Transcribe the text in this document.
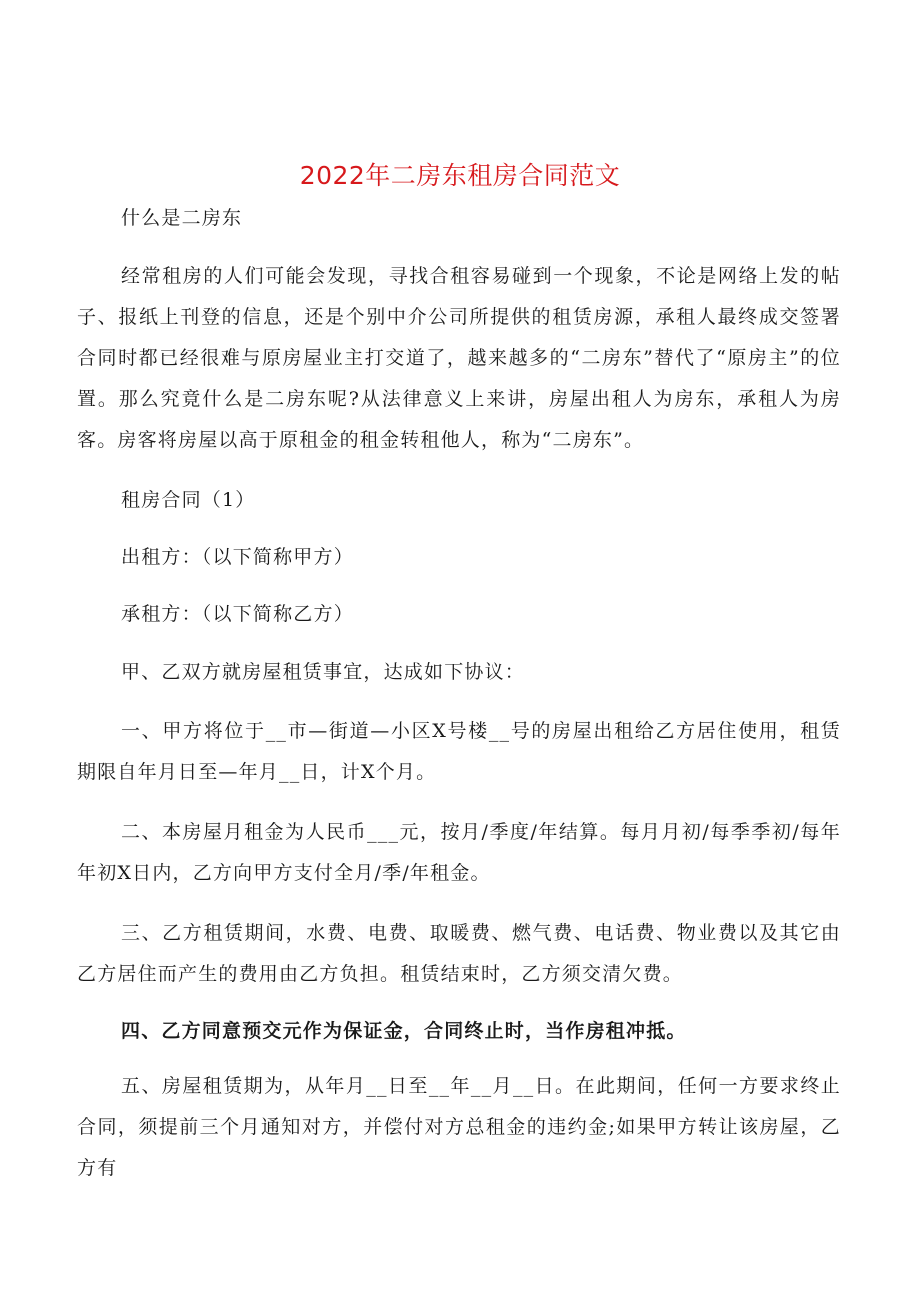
2022年二房东租房合同范文
什么是二房东
经常租房的人们可能会发现，寻找合租容易碰到一个现象，不论是网络上发的帖子、报纸上刊登的信息，还是个别中介公司所提供的租赁房源，承租人最终成交签署合同时都已经很难与原房屋业主打交道了，越来越多的“二房东”替代了“原房主”的位置。那么究竟什么是二房东呢?从法律意义上来讲，房屋出租人为房东，承租人为房客。房客将房屋以高于原租金的租金转租他人，称为“二房东”。
租房合同（1）
出租方：（以下简称甲方）
承租方：（以下简称乙方）
甲、乙双方就房屋租赁事宜，达成如下协议：
一、甲方将位于__市—街道—小区X号楼__号的房屋出租给乙方居住使用，租赁期限自年月日至—年月__日，计X个月。
二、本房屋月租金为人民币___元，按月/季度/年结算。每月月初/每季季初/每年年初X日内，乙方向甲方支付全月/季/年租金。
三、乙方租赁期间，水费、电费、取暖费、燃气费、电话费、物业费以及其它由乙方居住而产生的费用由乙方负担。租赁结束时，乙方须交清欠费。
四、乙方同意预交元作为保证金，合同终止时，当作房租冲抵。
五、房屋租赁期为，从年月__日至__年__月__日。在此期间，任何一方要求终止合同，须提前三个月通知对方，并偿付对方总租金的违约金;如果甲方转让该房屋，乙方有
